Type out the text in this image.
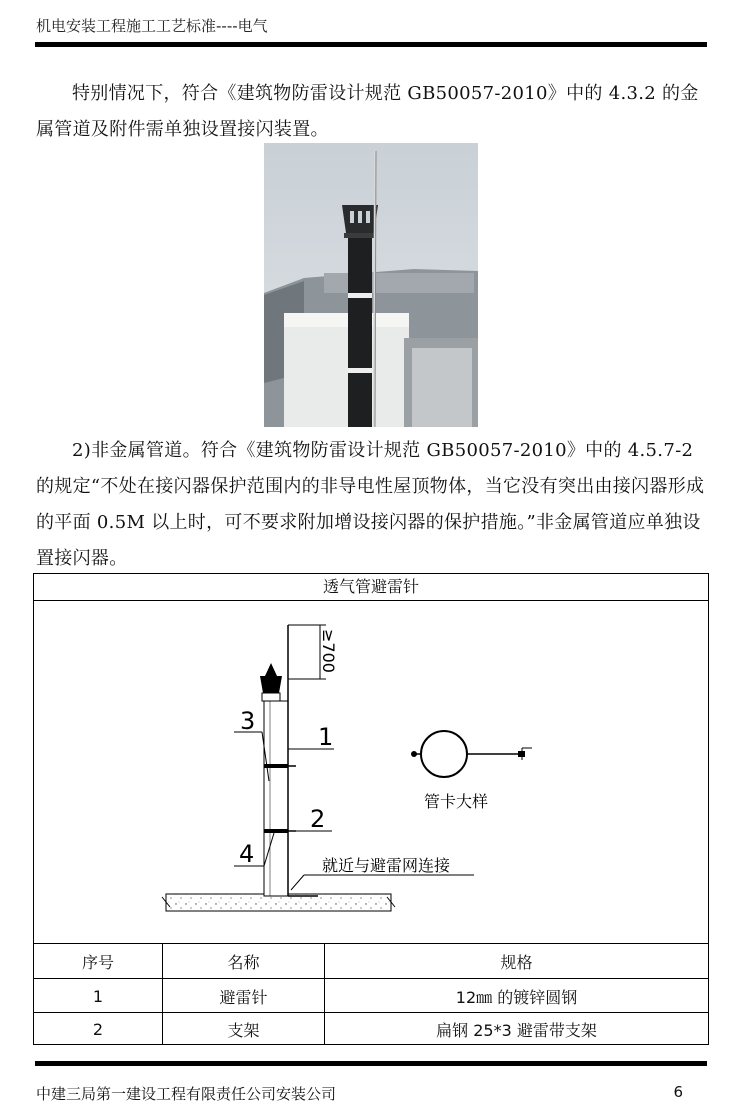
机电安装工程施工工艺标准----电气

特别情况下，符合《建筑物防雷设计规范 GB50057-2010》中的 4.3.2 的金属管道及附件需单独设置接闪装置。

2)非金属管道。符合《建筑物防雷设计规范 GB50057-2010》中的 4.5.7-2 的规定“不处在接闪器保护范围内的非导电性屋顶物体，当它没有突出由接闪器形成的平面 0.5M 以上时，可不要求附加增设接闪器的保护措施。”非金属管道应单独设置接闪器。

透气管避雷针
≥700
3
1
2
4	就近与避雷网连接
管卡大样
序号	名称	规格
1	避雷针	12㎜ 的镀锌圆钢
2	支架	扁钢 25*3 避雷带支架
中建三局第一建设工程有限责任公司安装公司	6
